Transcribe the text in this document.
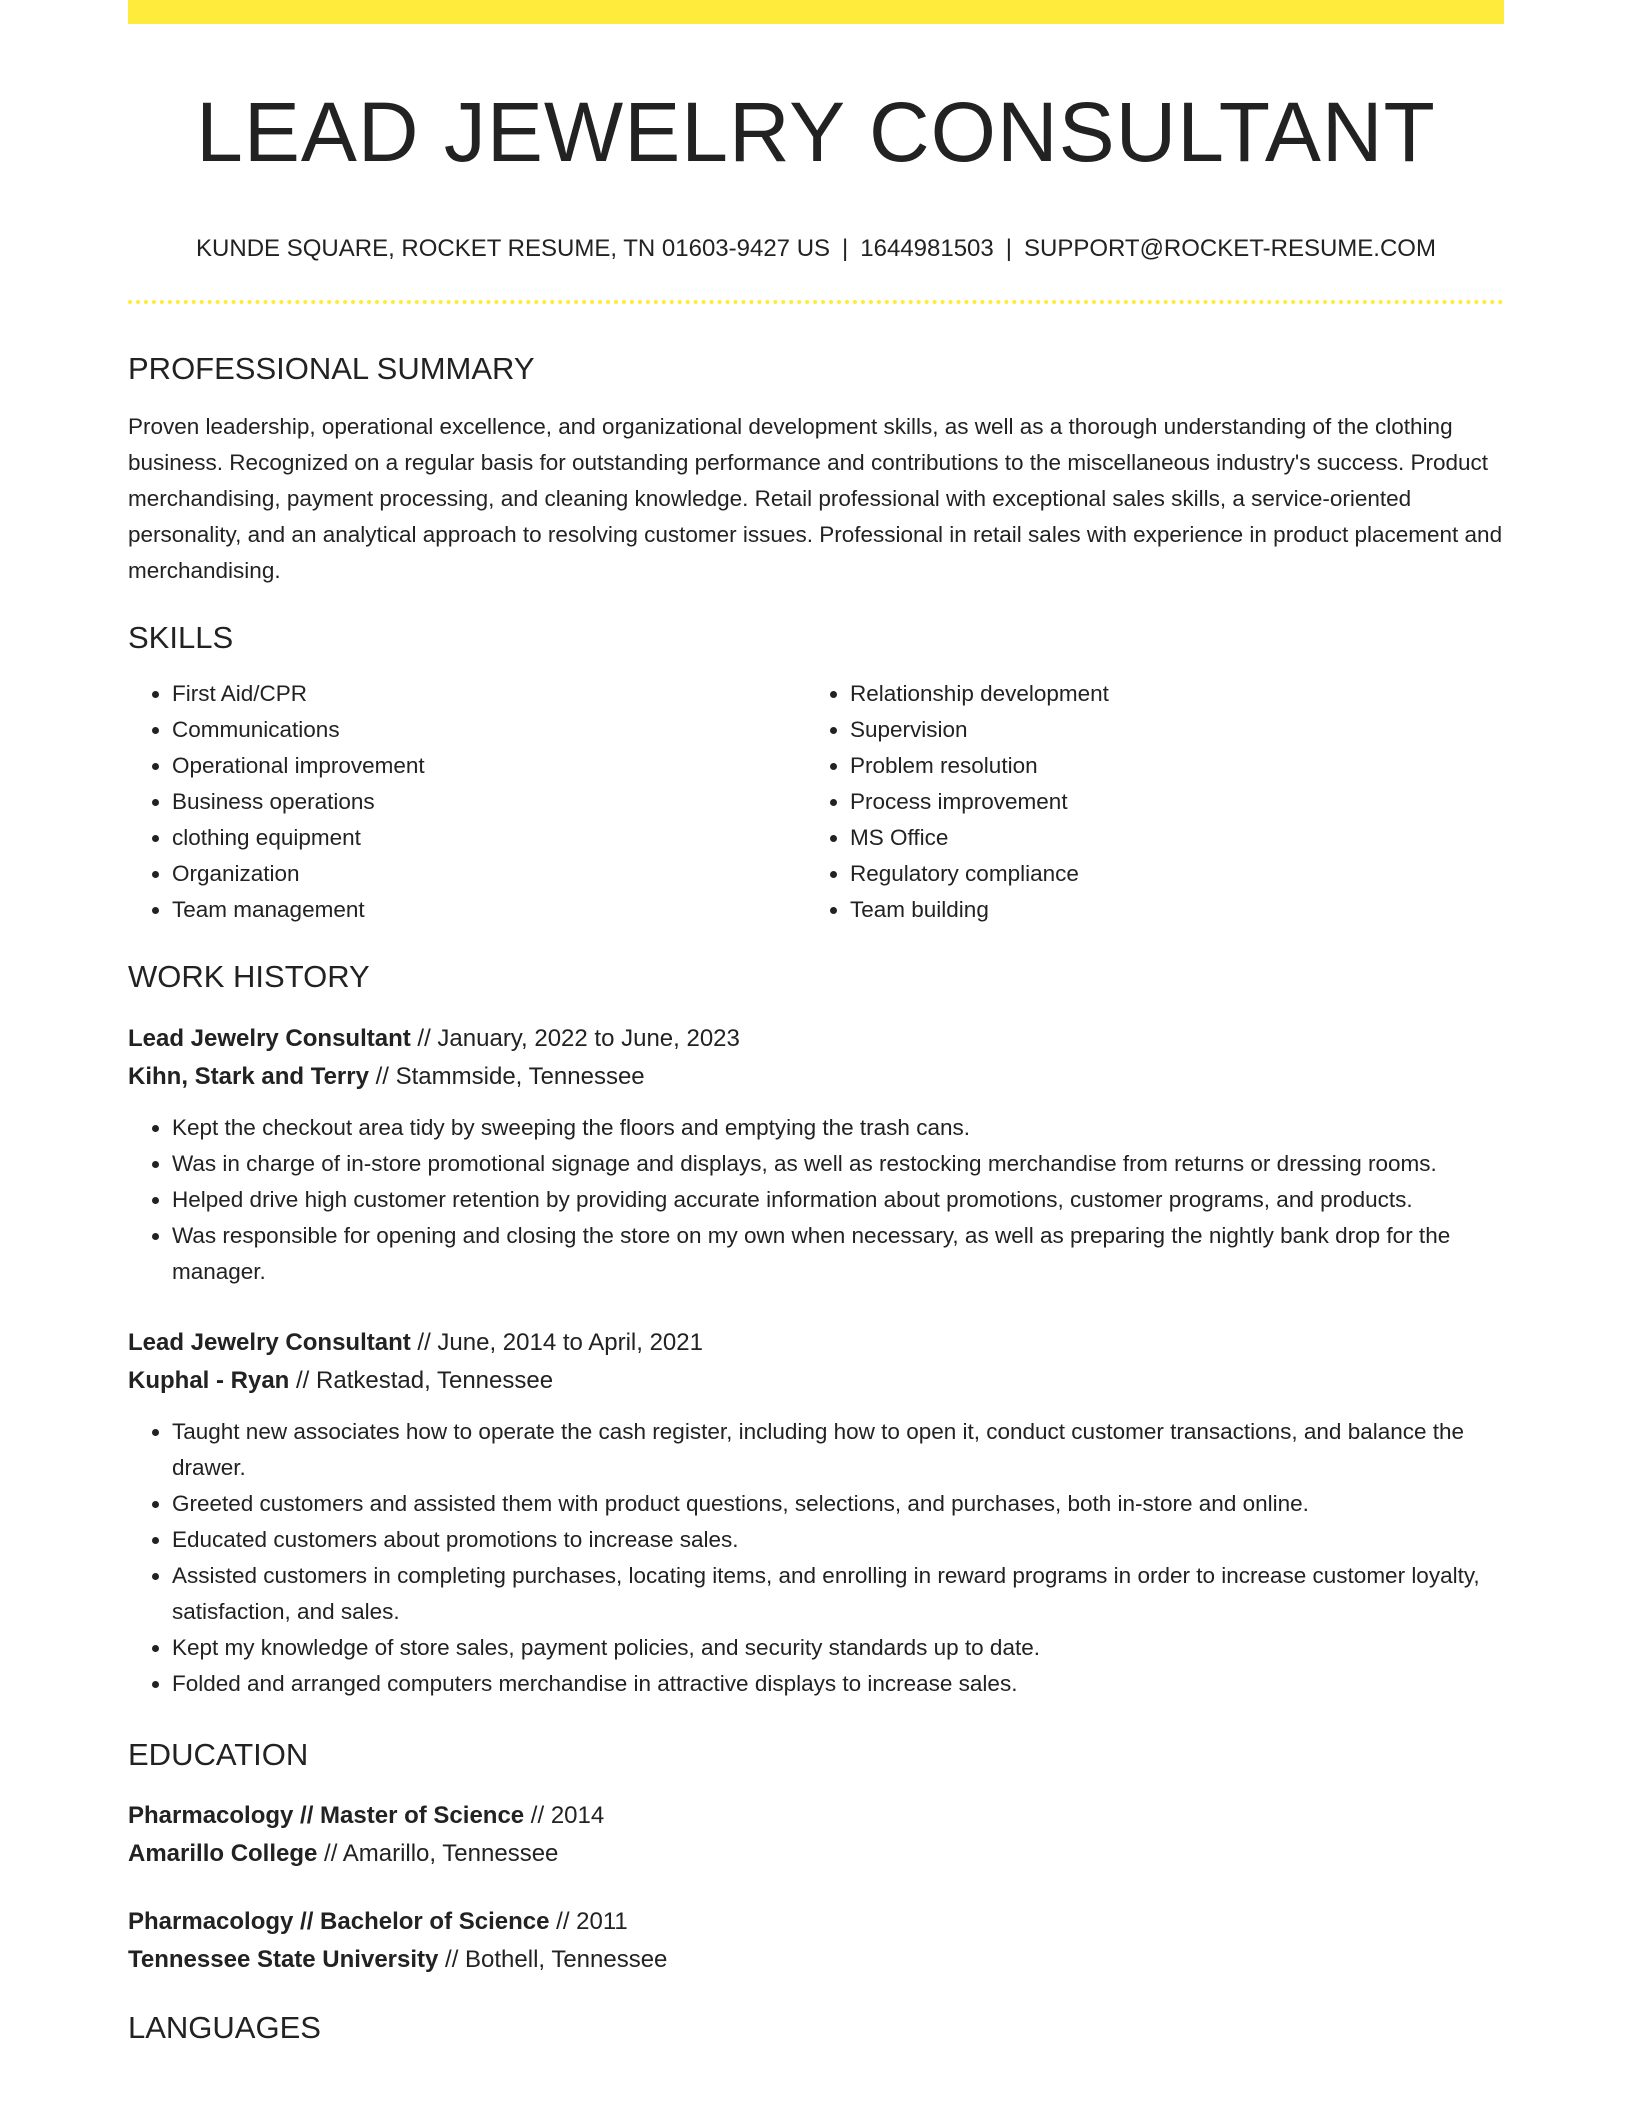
LEAD JEWELRY CONSULTANT
KUNDE SQUARE, ROCKET RESUME, TN 01603-9427 US | 1644981503 | SUPPORT@ROCKET-RESUME.COM
PROFESSIONAL SUMMARY

Proven leadership, operational excellence, and organizational development skills, as well as a thorough understanding of the clothing business. Recognized on a regular basis for outstanding performance and contributions to the miscellaneous industry's success. Product merchandising, payment processing, and cleaning knowledge. Retail professional with exceptional sales skills, a service-oriented personality, and an analytical approach to resolving customer issues. Professional in retail sales with experience in product placement and merchandising.

SKILLS
• First Aid/CPR
• Communications
• Operational improvement
• Business operations
• clothing equipment
• Organization
• Team management
• Relationship development
• Supervision
• Problem resolution
• Process improvement
• MS Office
• Regulatory compliance
• Team building
WORK HISTORY
Lead Jewelry Consultant // January, 2022 to June, 2023
Kihn, Stark and Terry // Stammside, Tennessee
• Kept the checkout area tidy by sweeping the floors and emptying the trash cans.
• Was in charge of in-store promotional signage and displays, as well as restocking merchandise from returns or dressing rooms.
• Helped drive high customer retention by providing accurate information about promotions, customer programs, and products.
• Was responsible for opening and closing the store on my own when necessary, as well as preparing the nightly bank drop for the manager.
Lead Jewelry Consultant // June, 2014 to April, 2021
Kuphal - Ryan // Ratkestad, Tennessee
• Taught new associates how to operate the cash register, including how to open it, conduct customer transactions, and balance the drawer.
• Greeted customers and assisted them with product questions, selections, and purchases, both in-store and online.
• Educated customers about promotions to increase sales.
• Assisted customers in completing purchases, locating items, and enrolling in reward programs in order to increase customer loyalty, satisfaction, and sales.
• Kept my knowledge of store sales, payment policies, and security standards up to date.
• Folded and arranged computers merchandise in attractive displays to increase sales.
EDUCATION
Pharmacology // Master of Science // 2014
Amarillo College // Amarillo, Tennessee
Pharmacology // Bachelor of Science // 2011
Tennessee State University // Bothell, Tennessee
LANGUAGES
